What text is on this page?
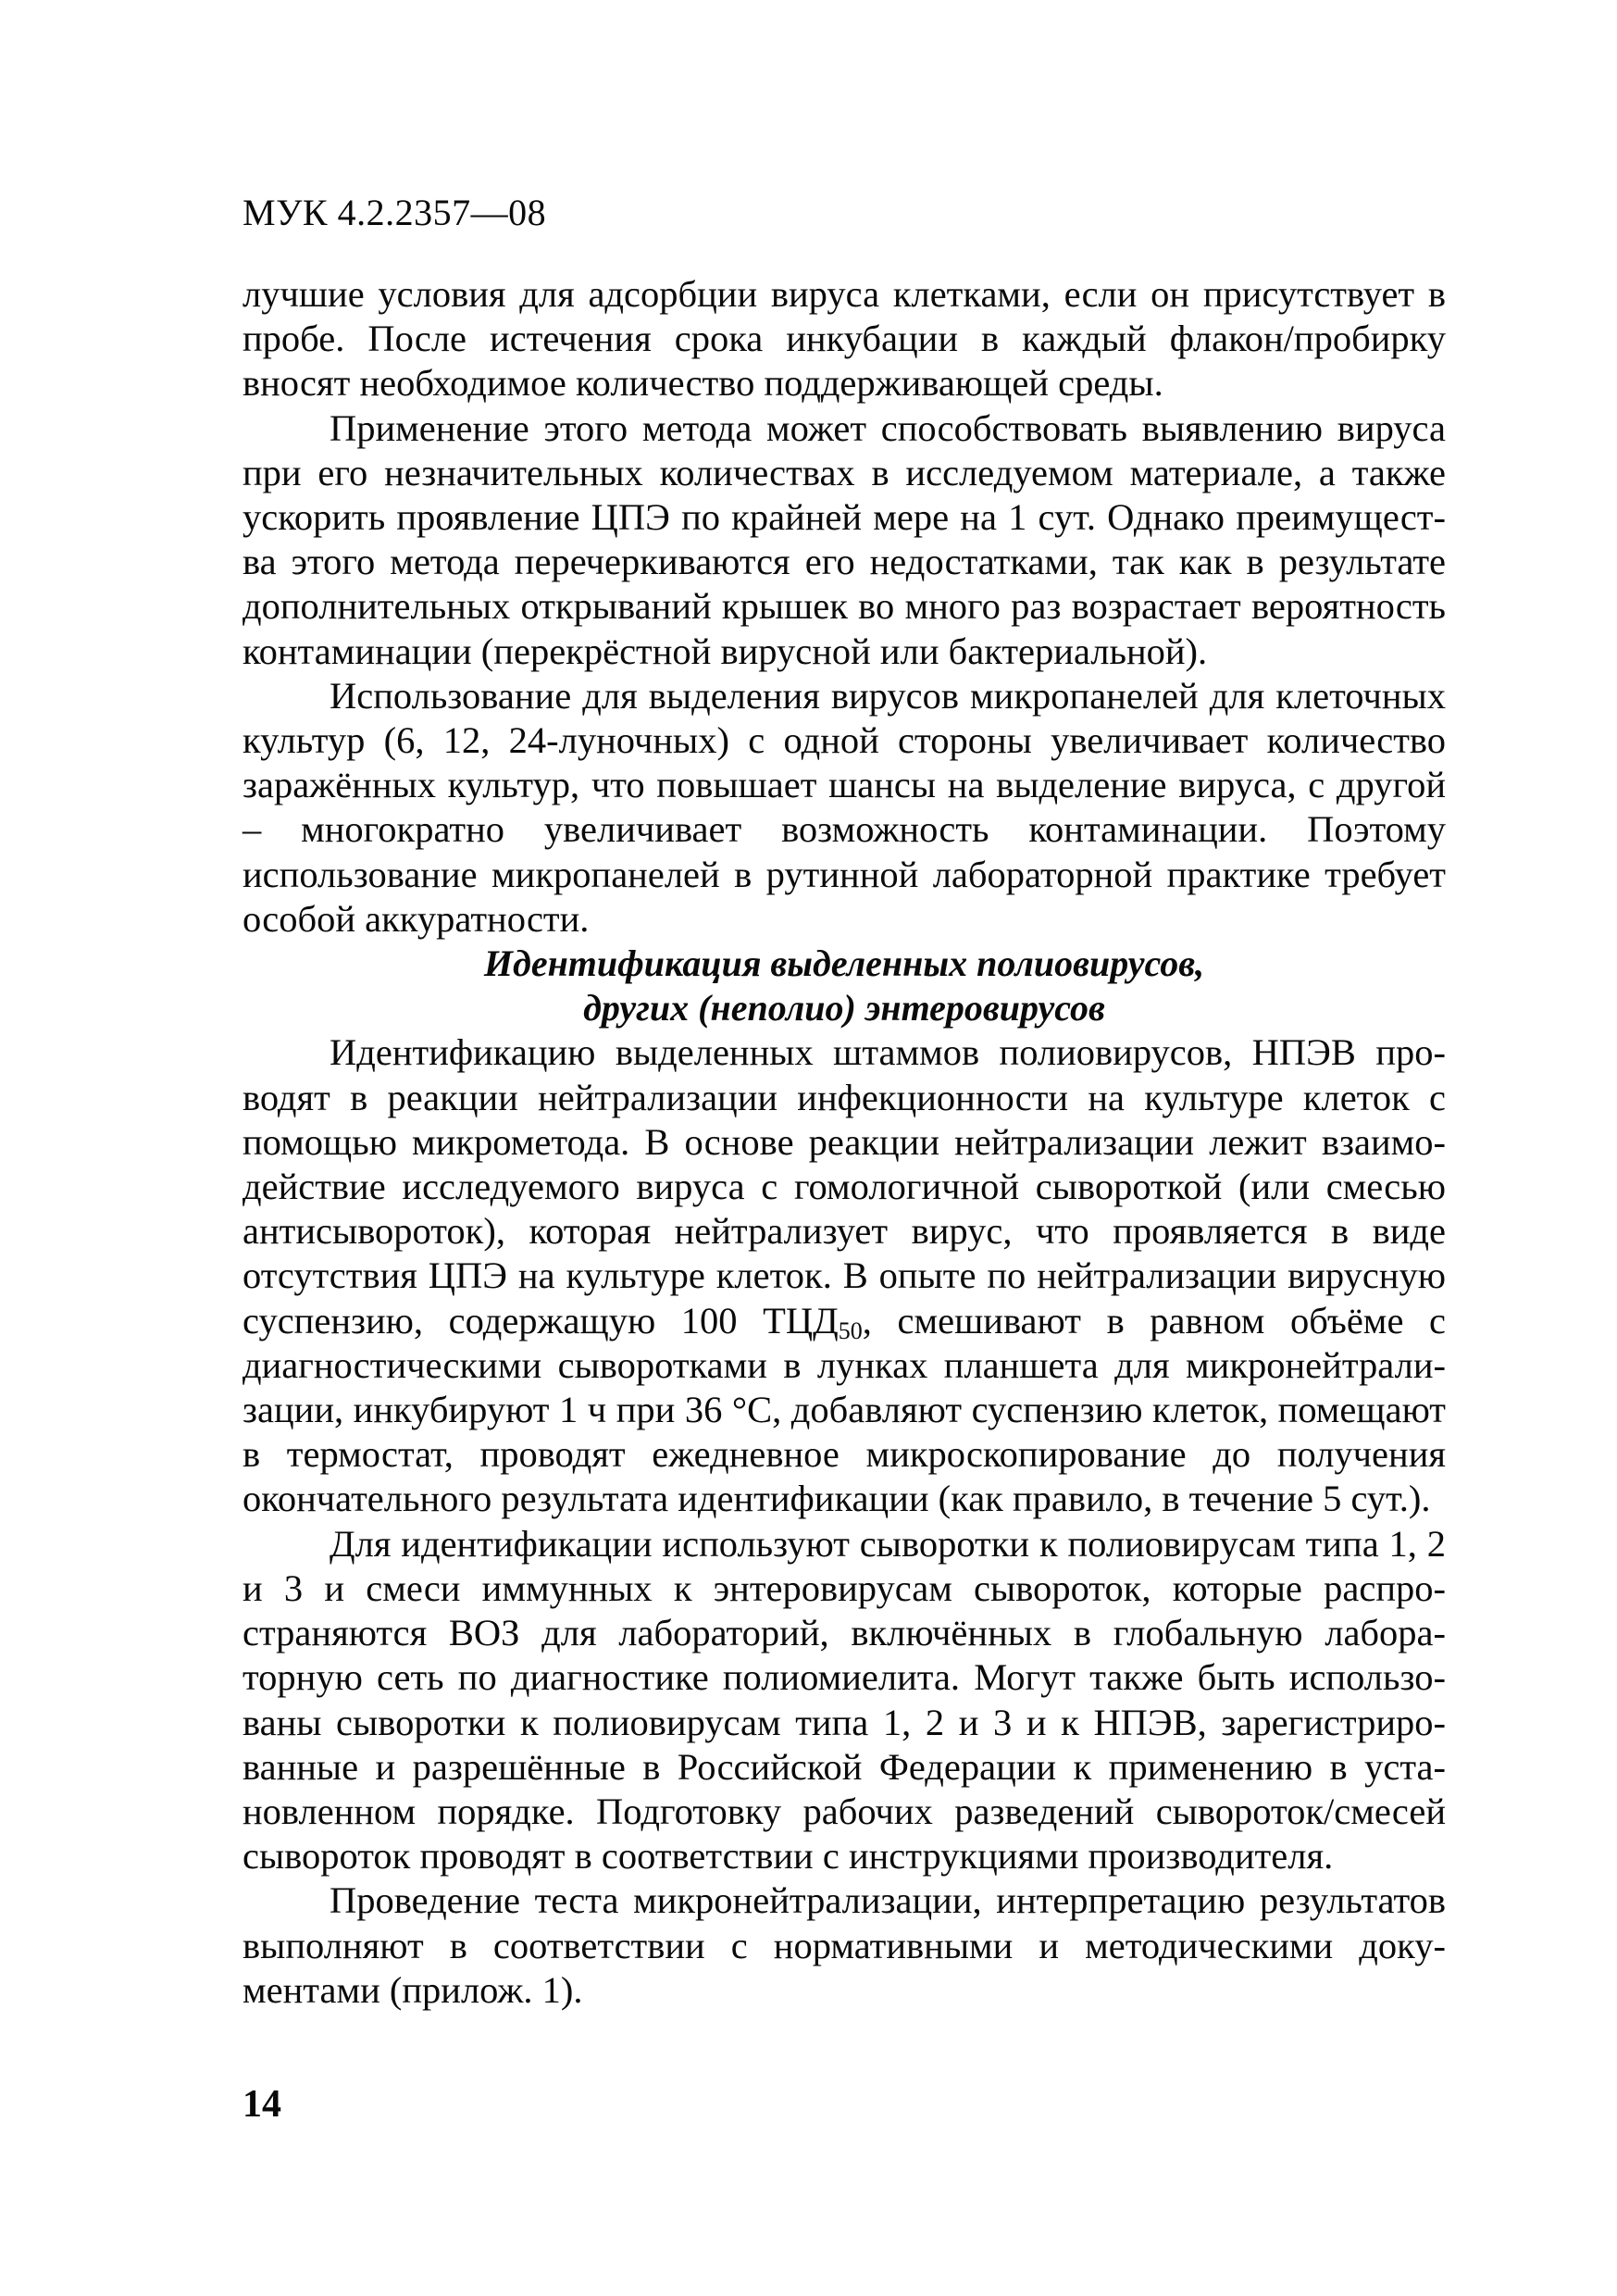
МУК 4.2.2357—08

лучшие условия для адсорбции вируса клетками, если он присутствует в пробе. После истечения срока инкубации в каждый флакон/пробирку вносят необходимое количество поддерживающей среды.

Применение этого метода может способствовать выявлению вируса при его незначительных количествах в исследуемом материале, а также ускорить проявление ЦПЭ по крайней мере на 1 сут. Однако преимущества этого метода перечеркиваются его недостатками, так как в результате дополнительных открываний крышек во много раз возрастает вероятность контаминации (перекрёстной вирусной или бактериальной).

Использование для выделения вирусов микропанелей для клеточных культур (6, 12, 24-луночных) с одной стороны увеличивает количество заражённых культур, что повышает шансы на выделение вируса, с другой – многократно увеличивает возможность контаминации. Поэтому использование микропанелей в рутинной лабораторной практике требует особой аккуратности.

Идентификация выделенных полиовирусов,
других (неполио) энтеровирусов

Идентификацию выделенных штаммов полиовирусов, НПЭВ проводят в реакции нейтрализации инфекционности на культуре клеток с помощью микрометода. В основе реакции нейтрализации лежит взаимодействие исследуемого вируса с гомологичной сывороткой (или смесью антисывороток), которая нейтрализует вирус, что проявляется в виде отсутствия ЦПЭ на культуре клеток. В опыте по нейтрализации вирусную суспензию, содержащую 100 $ТЦД_{50}$, смешивают в равном объёме с диагностическими сыворотками в лунках планшета для микронейтрализации, инкубируют 1 ч при 36 °С, добавляют суспензию клеток, помещают в термостат, проводят ежедневное микроскопирование до получения окончательного результата идентификации (как правило, в течение 5 сут.).

Для идентификации используют сыворотки к полиовирусам типа 1, 2 и 3 и смеси иммунных к энтеровирусам сывороток, которые распространяются ВОЗ для лабораторий, включённых в глобальную лабораторную сеть по диагностике полиомиелита. Могут также быть использованы сыворотки к полиовирусам типа 1, 2 и 3 и к НПЭВ, зарегистрированные и разрешённые в Российской Федерации к применению в установленном порядке. Подготовку рабочих разведений сывороток/смесей сывороток проводят в соответствии с инструкциями производителя.

Проведение теста микронейтрализации, интерпретацию результатов выполняют в соответствии с нормативными и методическими документами (прилож. 1).

14
